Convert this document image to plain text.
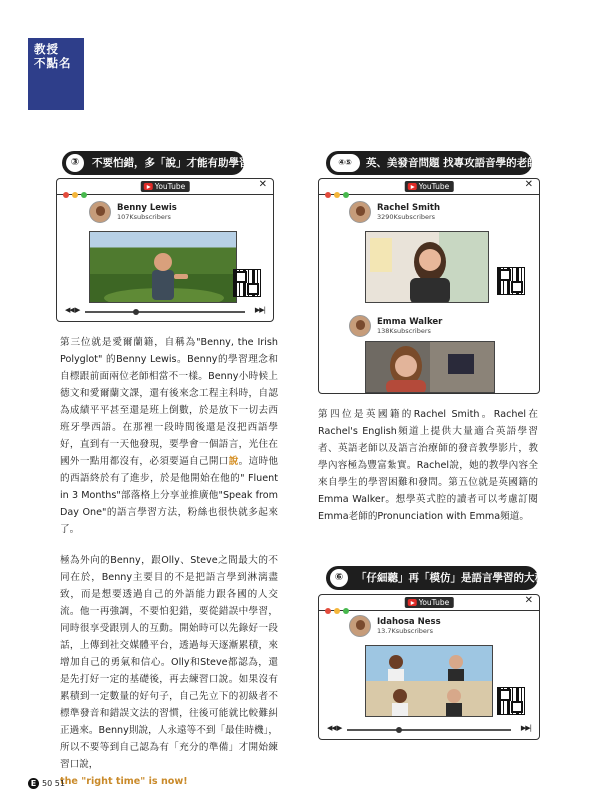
教授
不點名
③	不要怕錯，多「說」才能有助學習	④⑤	英、美發音問題 找專攻語音學的老師
YouTube	✕
Benny Lewis
107Ksubscribers
◀◀ ▶	▶▶|
YouTube	✕
Rachel Smith
3290Ksubscribers
Emma Walker
138Ksubscribers
第三位就是愛爾蘭籍，自稱為"Benny, the Irish Polyglot" 的Benny Lewis。Benny的學習理念和自標跟前面兩位老師相當不一樣。Benny小時候上德文和愛爾蘭文課，還有後來念工程主科時，自認為成績平平甚至還是班上倒數，於是放下一切去西班牙學西語。在那裡一段時間後還是沒把西語學好，直到有一天他發現，要學會一個語言，光住在國外一點用都沒有，必須要逼自己開口說。這時他的西語終於有了進步，於是他開始在他的" Fluent in 3 Months"部落格上分享並推廣他"Speak from Day One"的語言學習方法，粉絲也很快就多起來了。
極為外向的Benny，跟Olly、Steve之間最大的不同在於，Benny主要目的不是把語言學到淋漓盡致，而是想要透過自己的外語能力跟各國的人交流。他一再強調，不要怕犯錯，要從錯誤中學習，同時很享受跟別人的互動。開始時可以先錄好一段話，上傳到社交媒體平台，透過每天逐漸累積，來增加自己的勇氣和信心。Olly和Steve都認為，還是先打好一定的基礎後，再去練習口說。如果沒有累積到一定數量的好句子，自己先立下的初級者不標準發音和錯誤文法的習慣，往後可能就比較難糾正過來。Benny則說，人永遠等不到「最佳時機」，所以不要等到自己認為有「充分的準備」才開始練習口說，
the "right time" is now!
第四位是英國籍的Rachel Smith。Rachel在Rachel's English頻道上提供大量適合英語學習者、英語老師以及語言治療師的發音教學影片，教學內容極為豐富紮實。Rachel說，她的教學內容全來自學生的學習困難和發問。第五位就是英國籍的Emma Walker。想學英式腔的讀者可以考慮訂閱Emma老師的Pronunciation with Emma頻道。
⑥	「仔細聽」再「模仿」是語言學習的大秘訣
YouTube	✕
Idahosa Ness
13.7Ksubscribers
◀◀ ▶	▶▶|
E 50 51
